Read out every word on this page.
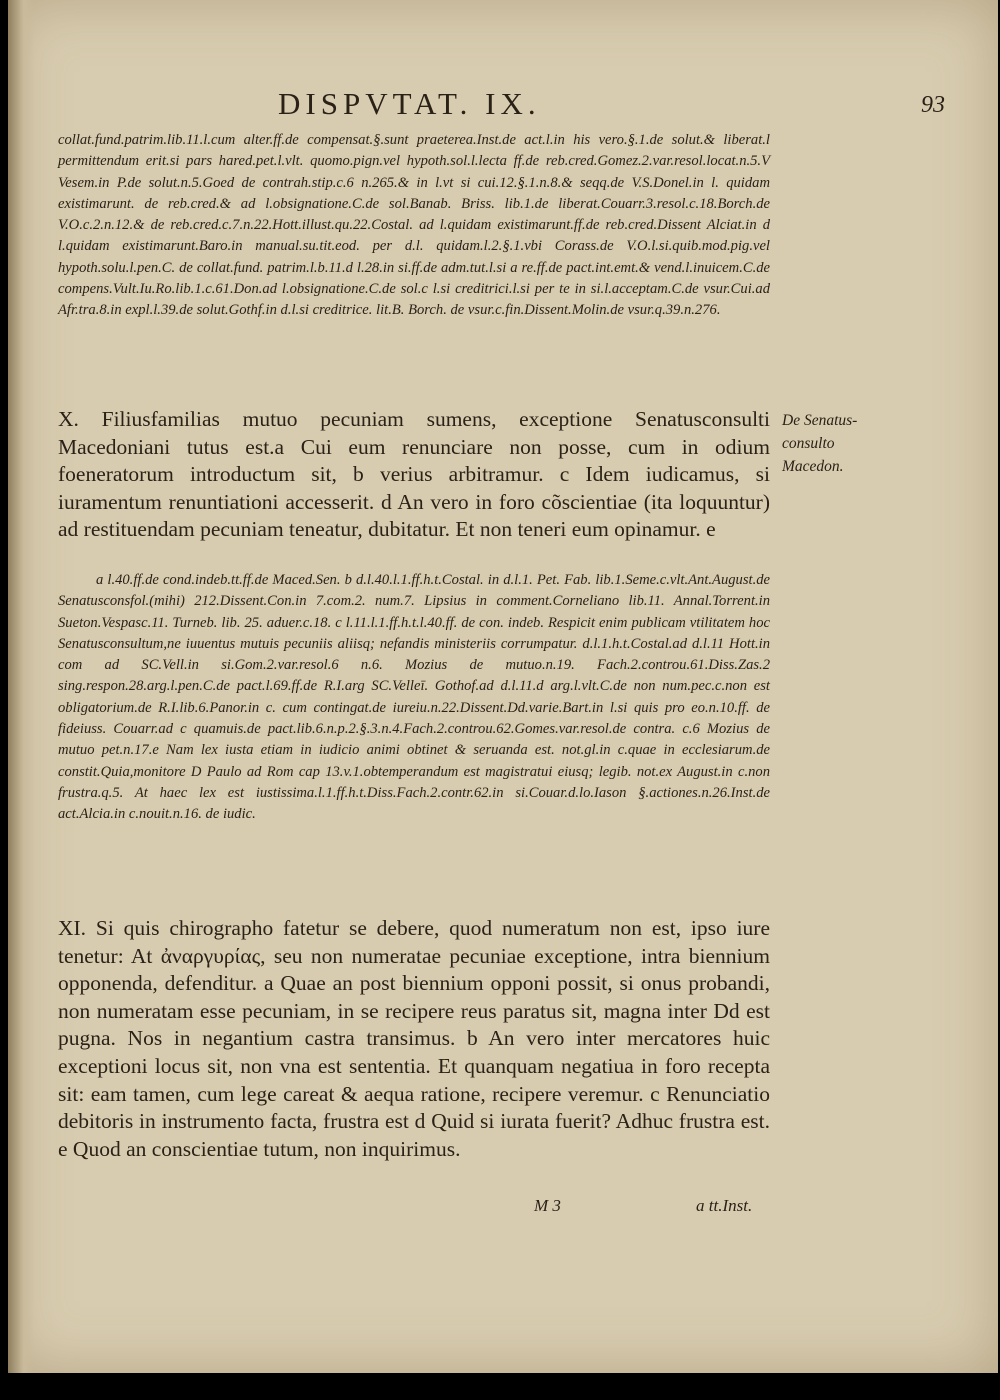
DISPVTAT. IX.	93

collat.fund.patrim.lib.11.l.cum alter.ff.de compensat.§.sunt praeterea.Inst.de act.l.in his vero.§.1.de solut.& liberat.l permittendum erit.si pars hared.pet.l.vlt. quomo.pign.vel hypoth.sol.l.lecta ff.de reb.cred.Gomez.2.var.resol.locat.n.5.V Vesem.in P.de solut.n.5.Goed de contrah.stip.c.6 n.265.& in l.vt si cui.12.§.1.n.8.& seqq.de V.S.Donel.in l. quidam existimarunt. de reb.cred.& ad l.obsignatione.C.de sol.Banab. Briss. lib.1.de liberat.Couarr.3.resol.c.18.Borch.de V.O.c.2.n.12.& de reb.cred.c.7.n.22.Hott.illust.qu.22.Costal. ad l.quidam existimarunt.ff.de reb.cred.Dissent Alciat.in d l.quidam existimarunt.Baro.in manual.su.tit.eod. per d.l. quidam.l.2.§.1.vbi Corass.de V.O.l.si.quib.mod.pig.vel hypoth.solu.l.pen.C. de collat.fund. patrim.l.b.11.d l.28.in si.ff.de adm.tut.l.si a re.ff.de pact.int.emt.& vend.l.inuicem.C.de compens.Vult.Iu.Ro.lib.1.c.61.Don.ad l.obsignatione.C.de sol.c l.si creditrici.l.si per te in si.l.acceptam.C.de vsur.Cui.ad Afr.tra.8.in expl.l.39.de solut.Gothf.in d.l.si creditrice. lit.B. Borch. de vsur.c.fin.Dissent.Molin.de vsur.q.39.n.276.

X. Filiusfamilias mutuo pecuniam sumens, exceptione Senatusconsulti Macedoniani tutus est.a Cui eum renunciare non posse, cum in odium foeneratorum introductum sit, b verius arbitramur. c Idem iudicamus, si iuramentum renuntiationi accesserit. d An vero in foro cõscientiae (ita loquuntur) ad restituendam pecuniam teneatur, dubitatur. Et non teneri eum opinamur. e

De Senatus-consulto Macedon.

a l.40.ff.de cond.indeb.tt.ff.de Maced.Sen. b d.l.40.l.1.ff.h.t.Costal. in d.l.1. Pet. Fab. lib.1.Seme.c.vlt.Ant.August.de Senatusconsfol.(mihi) 212.Dissent.Con.in 7.com.2. num.7. Lipsius in comment.Corneliano lib.11. Annal.Torrent.in Sueton.Vespasc.11. Turneb. lib. 25. aduer.c.18. c l.11.l.1.ff.h.t.l.40.ff. de con. indeb. Respicit enim publicam vtilitatem hoc Senatusconsultum,ne iuuentus mutuis pecuniis aliisq; nefandis ministeriis corrumpatur. d.l.1.h.t.Costal.ad d.l.11 Hott.in com ad SC.Vell.in si.Gom.2.var.resol.6 n.6. Mozius de mutuo.n.19. Fach.2.controu.61.Diss.Zas.2 sing.respon.28.arg.l.pen.C.de pact.l.69.ff.de R.I.arg SC.Velleī. Gothof.ad d.l.11.d arg.l.vlt.C.de non num.pec.c.non est obligatorium.de R.I.lib.6.Panor.in c. cum contingat.de iureiu.n.22.Dissent.Dd.varie.Bart.in l.si quis pro eo.n.10.ff. de fideiuss. Couarr.ad c quamuis.de pact.lib.6.n.p.2.§.3.n.4.Fach.2.controu.62.Gomes.var.resol.de contra. c.6 Mozius de mutuo pet.n.17.e Nam lex iusta etiam in iudicio animi obtinet & seruanda est. not.gl.in c.quae in ecclesiarum.de constit.Quia,monitore D Paulo ad Rom cap 13.v.1.obtemperandum est magistratui eiusq; legib. not.ex August.in c.non frustra.q.5. At haec lex est iustissima.l.1.ff.h.t.Diss.Fach.2.contr.62.in si.Couar.d.lo.Iason §.actiones.n.26.Inst.de act.Alcia.in c.nouit.n.16. de iudic.

XI. Si quis chirographo fatetur se debere, quod numeratum non est, ipso iure tenetur: At ἀναργυρίας, seu non numeratae pecuniae exceptione, intra biennium opponenda, defenditur. a Quae an post biennium opponi possit, si onus probandi, non numeratam esse pecuniam, in se recipere reus paratus sit, magna inter Dd est pugna. Nos in negantium castra transimus. b An vero inter mercatores huic exceptioni locus sit, non vna est sententia. Et quanquam negatiua in foro recepta sit: eam tamen, cum lege careat & aequa ratione, recipere veremur. c Renunciatio debitoris in instrumento facta, frustra est d Quid si iurata fuerit? Adhuc frustra est. e Quod an conscientiae tutum, non inquirimus.

M 3	a tt.Inst.
